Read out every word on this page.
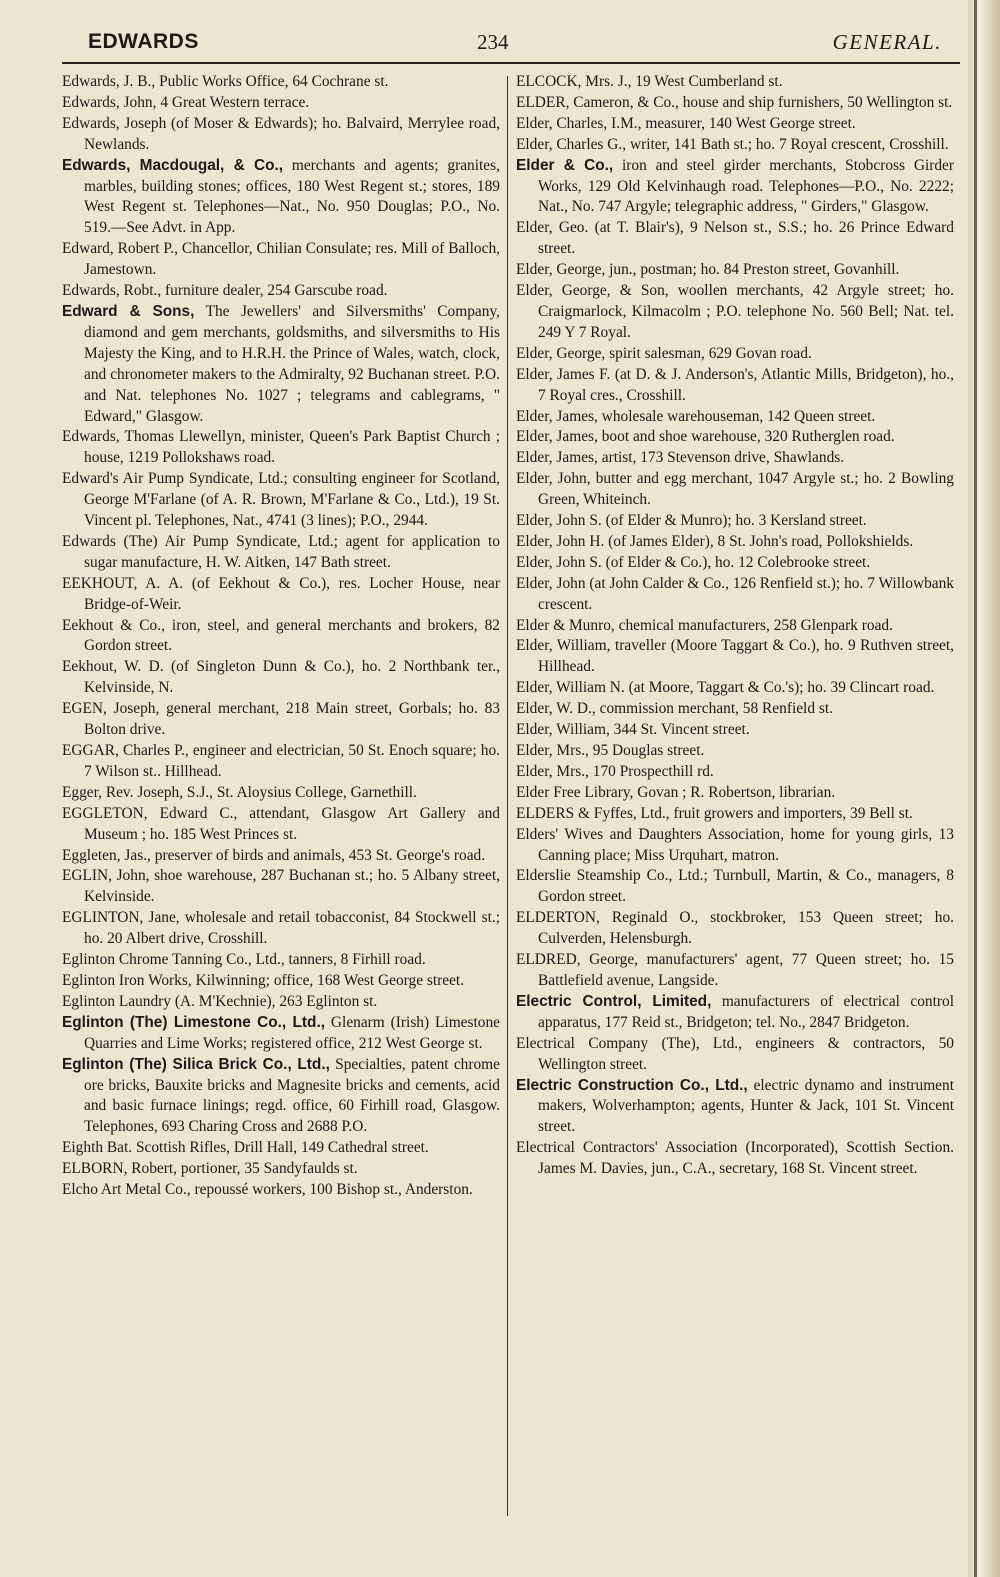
EDWARDS	234	GENERAL.
Edwards, J. B., Public Works Office, 64 Cochrane st.
Edwards, John, 4 Great Western terrace.
Edwards, Joseph (of Moser & Edwards); ho. Balvaird, Merrylee road, Newlands.
Edwards, Macdougal, & Co., merchants and agents; granites, marbles, building stones; offices, 180 West Regent st.; stores, 189 West Regent st. Telephones—Nat., No. 950 Douglas; P.O., No. 519.—See Advt. in App.
Edward, Robert P., Chancellor, Chilian Consulate; res. Mill of Balloch, Jamestown.
Edwards, Robt., furniture dealer, 254 Garscube road.
Edward & Sons, The Jewellers' and Silversmiths' Company, diamond and gem merchants, goldsmiths, and silversmiths to His Majesty the King, and to H.R.H. the Prince of Wales, watch, clock, and chronometer makers to the Admiralty, 92 Buchanan street. P.O. and Nat. telephones No. 1027 ; telegrams and cablegrams, " Edward," Glasgow.
Edwards, Thomas Llewellyn, minister, Queen's Park Baptist Church ; house, 1219 Pollokshaws road.
Edward's Air Pump Syndicate, Ltd.; consulting engineer for Scotland, George M'Farlane (of A. R. Brown, M'Farlane & Co., Ltd.), 19 St. Vincent pl. Telephones, Nat., 4741 (3 lines); P.O., 2944.
Edwards (The) Air Pump Syndicate, Ltd.; agent for application to sugar manufacture, H. W. Aitken, 147 Bath street.
EEKHOUT, A. A. (of Eekhout & Co.), res. Locher House, near Bridge-of-Weir.
Eekhout & Co., iron, steel, and general merchants and brokers, 82 Gordon street.
Eekhout, W. D. (of Singleton Dunn & Co.), ho. 2 Northbank ter., Kelvinside, N.
EGEN, Joseph, general merchant, 218 Main street, Gorbals; ho. 83 Bolton drive.
EGGAR, Charles P., engineer and electrician, 50 St. Enoch square; ho. 7 Wilson st.. Hillhead.
Egger, Rev. Joseph, S.J., St. Aloysius College, Garnethill.
EGGLETON, Edward C., attendant, Glasgow Art Gallery and Museum ; ho. 185 West Princes st.
Eggleten, Jas., preserver of birds and animals, 453 St. George's road.
EGLIN, John, shoe warehouse, 287 Buchanan st.; ho. 5 Albany street, Kelvinside.
EGLINTON, Jane, wholesale and retail tobacconist, 84 Stockwell st.; ho. 20 Albert drive, Crosshill.
Eglinton Chrome Tanning Co., Ltd., tanners, 8 Firhill road.
Eglinton Iron Works, Kilwinning; office, 168 West George street.
Eglinton Laundry (A. M'Kechnie), 263 Eglinton st.
Eglinton (The) Limestone Co., Ltd., Glenarm (Irish) Limestone Quarries and Lime Works; registered office, 212 West George st.
Eglinton (The) Silica Brick Co., Ltd., Specialties, patent chrome ore bricks, Bauxite bricks and Magnesite bricks and cements, acid and basic furnace linings; regd. office, 60 Firhill road, Glasgow. Telephones, 693 Charing Cross and 2688 P.O.
Eighth Bat. Scottish Rifles, Drill Hall, 149 Cathedral street.
ELBORN, Robert, portioner, 35 Sandyfaulds st.
Elcho Art Metal Co., repoussé workers, 100 Bishop st., Anderston.
ELCOCK, Mrs. J., 19 West Cumberland st.
ELDER, Cameron, & Co., house and ship furnishers, 50 Wellington st.
Elder, Charles, I.M., measurer, 140 West George street.
Elder, Charles G., writer, 141 Bath st.; ho. 7 Royal crescent, Crosshill.
Elder & Co., iron and steel girder merchants, Stobcross Girder Works, 129 Old Kelvinhaugh road. Telephones—P.O., No. 2222; Nat., No. 747 Argyle; telegraphic address, " Girders," Glasgow.
Elder, Geo. (at T. Blair's), 9 Nelson st., S.S.; ho. 26 Prince Edward street.
Elder, George, jun., postman; ho. 84 Preston street, Govanhill.
Elder, George, & Son, woollen merchants, 42 Argyle street; ho. Craigmarlock, Kilmacolm ; P.O. telephone No. 560 Bell; Nat. tel. 249 Y 7 Royal.
Elder, George, spirit salesman, 629 Govan road.
Elder, James F. (at D. & J. Anderson's, Atlantic Mills, Bridgeton), ho., 7 Royal cres., Crosshill.
Elder, James, wholesale warehouseman, 142 Queen street.
Elder, James, boot and shoe warehouse, 320 Rutherglen road.
Elder, James, artist, 173 Stevenson drive, Shawlands.
Elder, John, butter and egg merchant, 1047 Argyle st.; ho. 2 Bowling Green, Whiteinch.
Elder, John S. (of Elder & Munro); ho. 3 Kersland street.
Elder, John H. (of James Elder), 8 St. John's road, Pollokshields.
Elder, John S. (of Elder & Co.), ho. 12 Colebrooke street.
Elder, John (at John Calder & Co., 126 Renfield st.); ho. 7 Willowbank crescent.
Elder & Munro, chemical manufacturers, 258 Glenpark road.
Elder, William, traveller (Moore Taggart & Co.), ho. 9 Ruthven street, Hillhead.
Elder, William N. (at Moore, Taggart & Co.'s); ho. 39 Clincart road.
Elder, W. D., commission merchant, 58 Renfield st.
Elder, William, 344 St. Vincent street.
Elder, Mrs., 95 Douglas street.
Elder, Mrs., 170 Prospecthill rd.
Elder Free Library, Govan ; R. Robertson, librarian.
ELDERS & Fyffes, Ltd., fruit growers and importers, 39 Bell st.
Elders' Wives and Daughters Association, home for young girls, 13 Canning place; Miss Urquhart, matron.
Elderslie Steamship Co., Ltd.; Turnbull, Martin, & Co., managers, 8 Gordon street.
ELDERTON, Reginald O., stockbroker, 153 Queen street; ho. Culverden, Helensburgh.
ELDRED, George, manufacturers' agent, 77 Queen street; ho. 15 Battlefield avenue, Langside.
Electric Control, Limited, manufacturers of electrical control apparatus, 177 Reid st., Bridgeton; tel. No., 2847 Bridgeton.
Electrical Company (The), Ltd., engineers & contractors, 50 Wellington street.
Electric Construction Co., Ltd., electric dynamo and instrument makers, Wolverhampton; agents, Hunter & Jack, 101 St. Vincent street.
Electrical Contractors' Association (Incorporated), Scottish Section. James M. Davies, jun., C.A., secretary, 168 St. Vincent street.
